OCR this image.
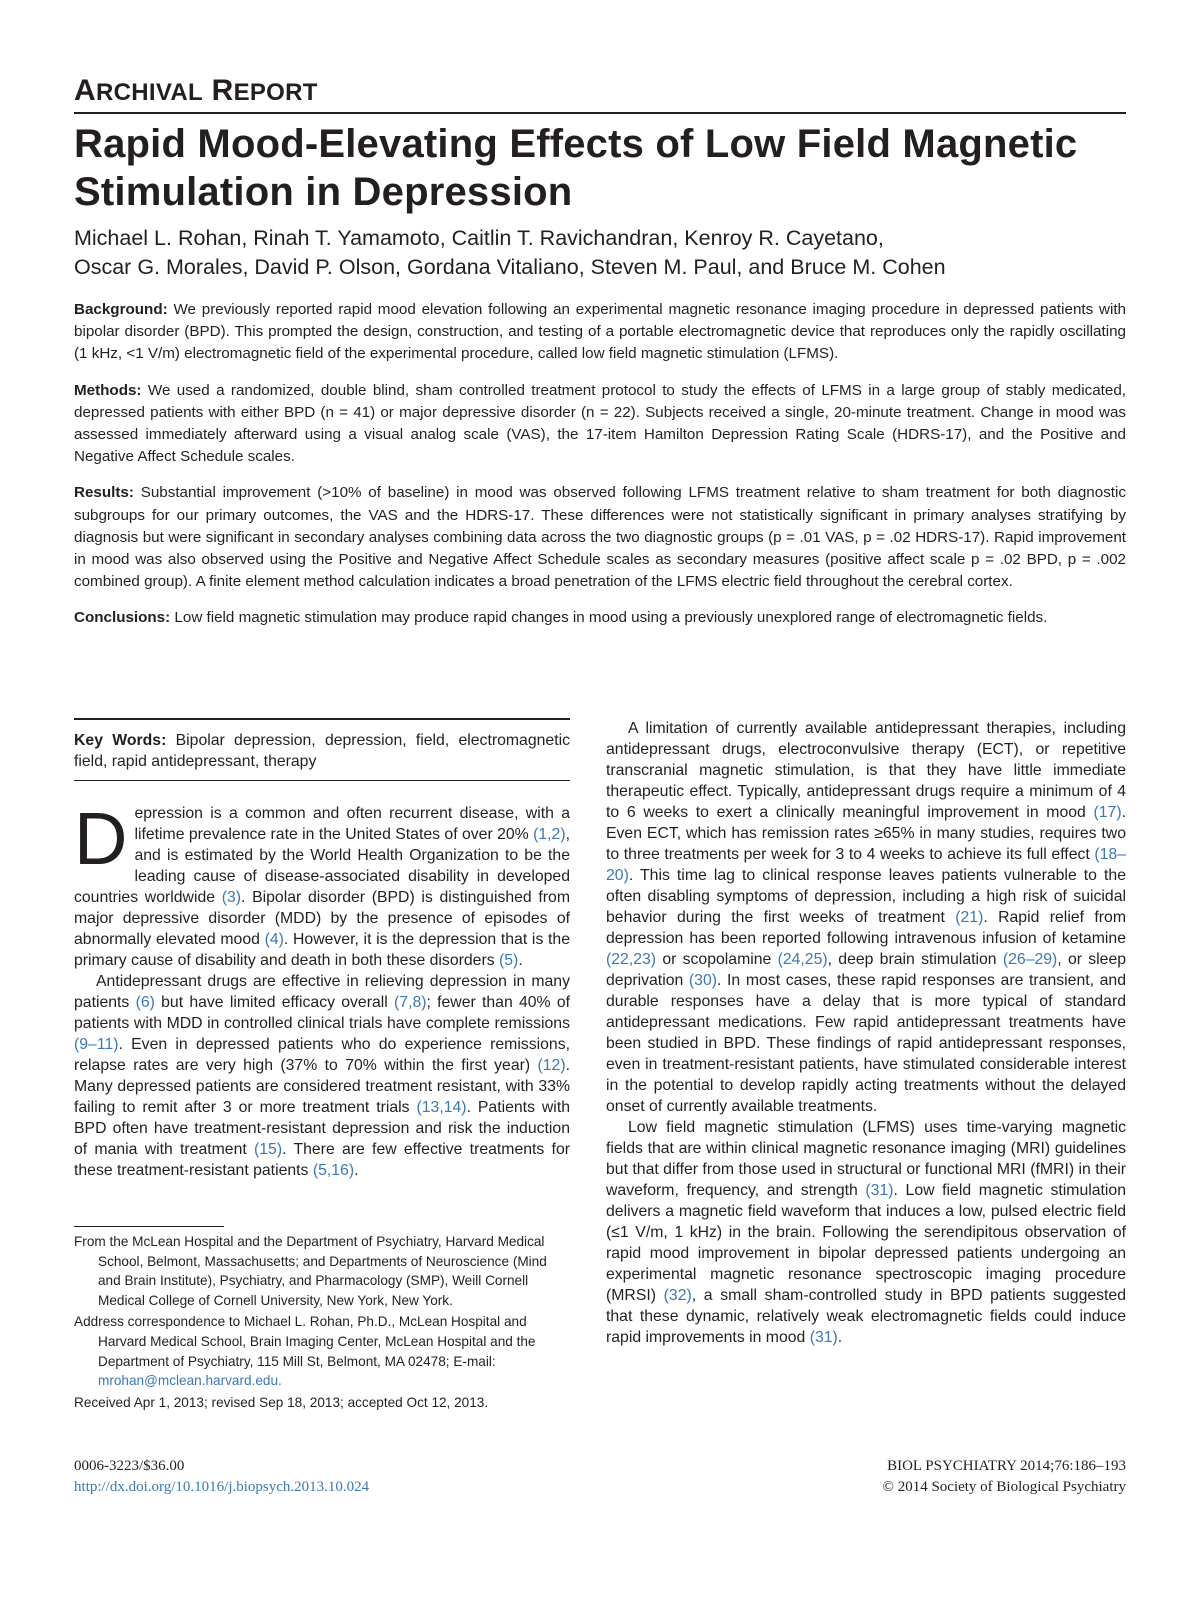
ARCHIVAL REPORT
Rapid Mood-Elevating Effects of Low Field Magnetic
Stimulation in Depression
Michael L. Rohan, Rinah T. Yamamoto, Caitlin T. Ravichandran, Kenroy R. Cayetano,
Oscar G. Morales, David P. Olson, Gordana Vitaliano, Steven M. Paul, and Bruce M. Cohen

Background: We previously reported rapid mood elevation following an experimental magnetic resonance imaging procedure in depressed patients with bipolar disorder (BPD). This prompted the design, construction, and testing of a portable electromagnetic device that reproduces only the rapidly oscillating (1 kHz, <1 V/m) electromagnetic field of the experimental procedure, called low field magnetic stimulation (LFMS).

Methods: We used a randomized, double blind, sham controlled treatment protocol to study the effects of LFMS in a large group of stably medicated, depressed patients with either BPD (n = 41) or major depressive disorder (n = 22). Subjects received a single, 20-minute treatment. Change in mood was assessed immediately afterward using a visual analog scale (VAS), the 17-item Hamilton Depression Rating Scale (HDRS-17), and the Positive and Negative Affect Schedule scales.

Results: Substantial improvement (>10% of baseline) in mood was observed following LFMS treatment relative to sham treatment for both diagnostic subgroups for our primary outcomes, the VAS and the HDRS-17. These differences were not statistically significant in primary analyses stratifying by diagnosis but were significant in secondary analyses combining data across the two diagnostic groups (p = .01 VAS, p = .02 HDRS-17). Rapid improvement in mood was also observed using the Positive and Negative Affect Schedule scales as secondary measures (positive affect scale p = .02 BPD, p = .002 combined group). A finite element method calculation indicates a broad penetration of the LFMS electric field throughout the cerebral cortex.

Conclusions: Low field magnetic stimulation may produce rapid changes in mood using a previously unexplored range of electromagnetic fields.

Key Words: Bipolar depression, depression, field, electromagnetic field, rapid antidepressant, therapy

Depression is a common and often recurrent disease, with a lifetime prevalence rate in the United States of over 20% (1,2), and is estimated by the World Health Organization to be the leading cause of disease-associated disability in developed countries worldwide (3). Bipolar disorder (BPD) is distinguished from major depressive disorder (MDD) by the presence of episodes of abnormally elevated mood (4). However, it is the depression that is the primary cause of disability and death in both these disorders (5).

Antidepressant drugs are effective in relieving depression in many patients (6) but have limited efficacy overall (7,8); fewer than 40% of patients with MDD in controlled clinical trials have complete remissions (9–11). Even in depressed patients who do experience remissions, relapse rates are very high (37% to 70% within the first year) (12). Many depressed patients are considered treatment resistant, with 33% failing to remit after 3 or more treatment trials (13,14). Patients with BPD often have treatment-resistant depression and risk the induction of mania with treatment (15). There are few effective treatments for these treatment-resistant patients (5,16).

A limitation of currently available antidepressant therapies, including antidepressant drugs, electroconvulsive therapy (ECT), or repetitive transcranial magnetic stimulation, is that they have little immediate therapeutic effect. Typically, antidepressant drugs require a minimum of 4 to 6 weeks to exert a clinically meaningful improvement in mood (17). Even ECT, which has remission rates ≥65% in many studies, requires two to three treatments per week for 3 to 4 weeks to achieve its full effect (18–20). This time lag to clinical response leaves patients vulnerable to the often disabling symptoms of depression, including a high risk of suicidal behavior during the first weeks of treatment (21). Rapid relief from depression has been reported following intravenous infusion of ketamine (22,23) or scopolamine (24,25), deep brain stimulation (26–29), or sleep deprivation (30). In most cases, these rapid responses are transient, and durable responses have a delay that is more typical of standard antidepressant medications. Few rapid antidepressant treatments have been studied in BPD. These findings of rapid antidepressant responses, even in treatment-resistant patients, have stimulated considerable interest in the potential to develop rapidly acting treatments without the delayed onset of currently available treatments.

Low field magnetic stimulation (LFMS) uses time-varying magnetic fields that are within clinical magnetic resonance imaging (MRI) guidelines but that differ from those used in structural or functional MRI (fMRI) in their waveform, frequency, and strength (31). Low field magnetic stimulation delivers a magnetic field waveform that induces a low, pulsed electric field (≤1 V/m, 1 kHz) in the brain. Following the serendipitous observation of rapid mood improvement in bipolar depressed patients undergoing an experimental magnetic resonance spectroscopic imaging procedure (MRSI) (32), a small sham-controlled study in BPD patients suggested that these dynamic, relatively weak electromagnetic fields could induce rapid improvements in mood (31).

From the McLean Hospital and the Department of Psychiatry, Harvard Medical School, Belmont, Massachusetts; and Departments of Neuroscience (Mind and Brain Institute), Psychiatry, and Pharmacology (SMP), Weill Cornell Medical College of Cornell University, New York, New York.

Address correspondence to Michael L. Rohan, Ph.D., McLean Hospital and Harvard Medical School, Brain Imaging Center, McLean Hospital and the Department of Psychiatry, 115 Mill St, Belmont, MA 02478; E-mail: mrohan@mclean.harvard.edu.

Received Apr 1, 2013; revised Sep 18, 2013; accepted Oct 12, 2013.

0006-3223/$36.00
http://dx.doi.org/10.1016/j.biopsych.2013.10.024
BIOL PSYCHIATRY 2014;76:186–193
© 2014 Society of Biological Psychiatry
